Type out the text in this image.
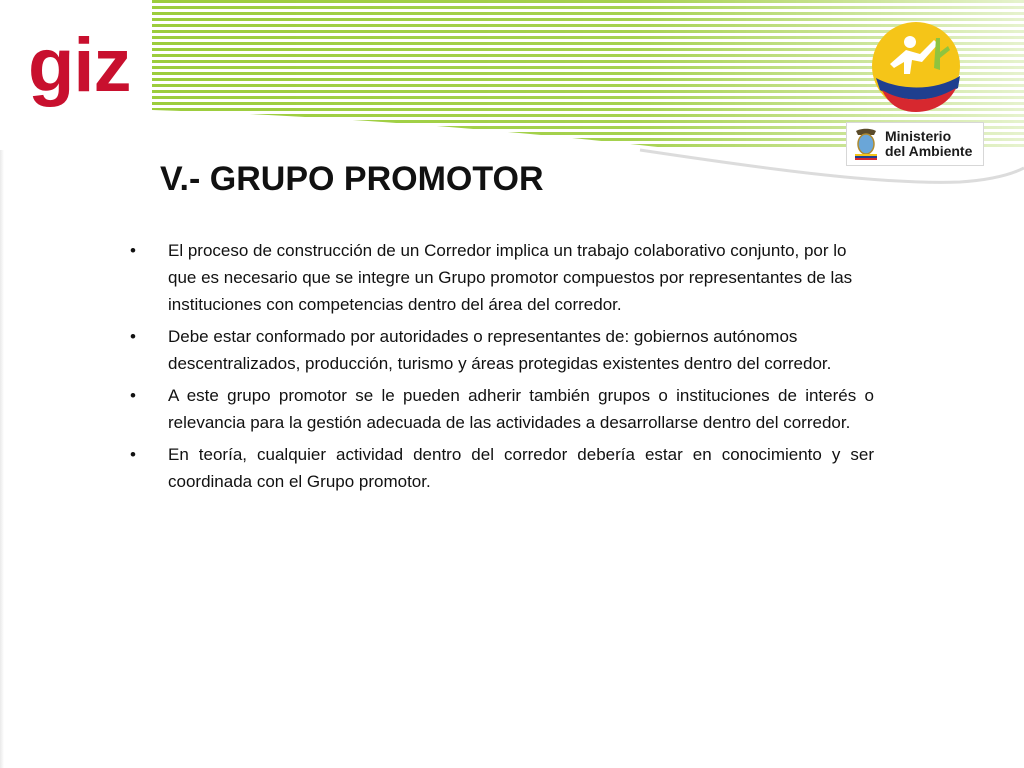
giz
Ministerio
del Ambiente
V.- GRUPO PROMOTOR
•	El proceso de construcción de un Corredor implica un trabajo colaborativo conjunto, por lo que es necesario que se integre un Grupo promotor compuestos por representantes de las instituciones con competencias dentro del área del corredor.
•	Debe estar conformado por autoridades o representantes de: gobiernos autónomos descentralizados, producción, turismo y áreas protegidas existentes dentro del corredor.
•	A este grupo promotor se le pueden adherir también grupos o instituciones de interés o relevancia para la gestión adecuada de las actividades a desarrollarse dentro del corredor.
•	En teoría, cualquier actividad dentro del corredor debería estar en conocimiento y ser coordinada con el Grupo promotor.
